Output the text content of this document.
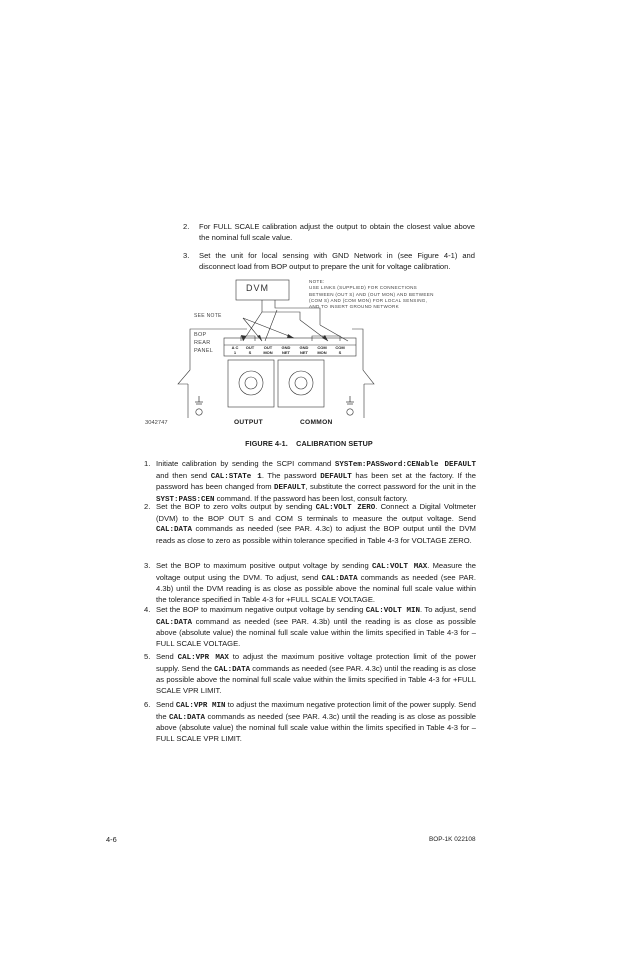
2. For FULL SCALE calibration adjust the output to obtain the closest value above the nominal full scale value.
3. Set the unit for local sensing with GND Network in (see Figure 4-1) and disconnect load from BOP output to prepare the unit for voltage calibration.
DVM
NOTE:
USE LINKS (SUPPLIED) FOR CONNECTIONS
BETWEEN (OUT S) AND (OUT MON) AND BETWEEN
(COM S) AND (COM MON) FOR LOCAL SENSING,
AND TO INSERT GROUND NETWORK
SEE NOTE
BOP
REAR
PANEL
A C
1
OUT
S
OUT
MON
GND
NET
GND
NET
COM
MON
COM
S
OUTPUT	COMMON
3042747
FIGURE 4-1.    CALIBRATION SETUP
1. Initiate calibration by sending the SCPI command SYSTem:PASSword:CENable DEFAULT and then send CAL:STATe 1. The password DEFAULT has been set at the factory. If the password has been changed from DEFAULT, substitute the correct password for the unit in the SYST:PASS:CEN command. If the password has been lost, consult factory.
2. Set the BOP to zero volts output by sending CAL:VOLT ZERO. Connect a Digital Voltmeter (DVM) to the BOP OUT S and COM S terminals to measure the output voltage. Send CAL:DATA commands as needed (see PAR. 4.3c) to adjust the BOP output until the DVM reads as close to zero as possible within tolerance specified in Table 4-3 for VOLTAGE ZERO.
3. Set the BOP to maximum positive output voltage by sending CAL:VOLT MAX. Measure the voltage output using the DVM. To adjust, send CAL:DATA commands as needed (see PAR. 4.3b) until the DVM reading is as close as possible above the nominal full scale value within the tolerance specified in Table 4-3 for +FULL SCALE VOLTAGE.
4. Set the BOP to maximum negative output voltage by sending CAL:VOLT MIN. To adjust, send CAL:DATA command as needed (see PAR. 4.3b) until the reading is as close as possible above (absolute value) the nominal full scale value within the limits specified in Table 4-3 for –FULL SCALE VOLTAGE.
5. Send CAL:VPR MAX to adjust the maximum positive voltage protection limit of the power supply. Send the CAL:DATA commands as needed (see PAR. 4.3c) until the reading is as close as possible above the nominal full scale value within the limits specified in Table 4-3 for +FULL SCALE VPR LIMIT.
6. Send CAL:VPR MIN to adjust the maximum negative protection limit of the power supply. Send the CAL:DATA commands as needed (see PAR. 4.3c) until the reading is as close as possible above (absolute value) the nominal full scale value within the limits specified in Table 4-3 for –FULL SCALE VPR LIMIT.
4-6	BOP-1K 022108
